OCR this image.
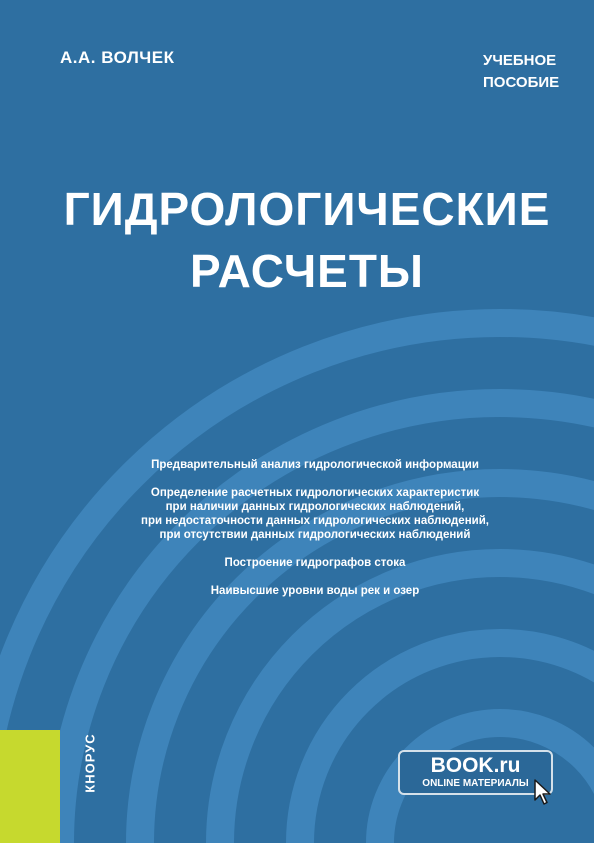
А.А. ВОЛЧЕК	УЧЕБНОЕ
ПОСОБИЕ
ГИДРОЛОГИЧЕСКИЕ
РАСЧЕТЫ
Предварительный анализ гидрологической информации
Определение расчетных гидрологических характеристик
при наличии данных гидрологических наблюдений,
при недостаточности данных гидрологических наблюдений,
при отсутствии данных гидрологических наблюдений
Построение гидрографов стока
Наивысшие уровни воды рек и озер
КНОРУС	BOOK.ru
ONLINE МАТЕРИАЛЫ
